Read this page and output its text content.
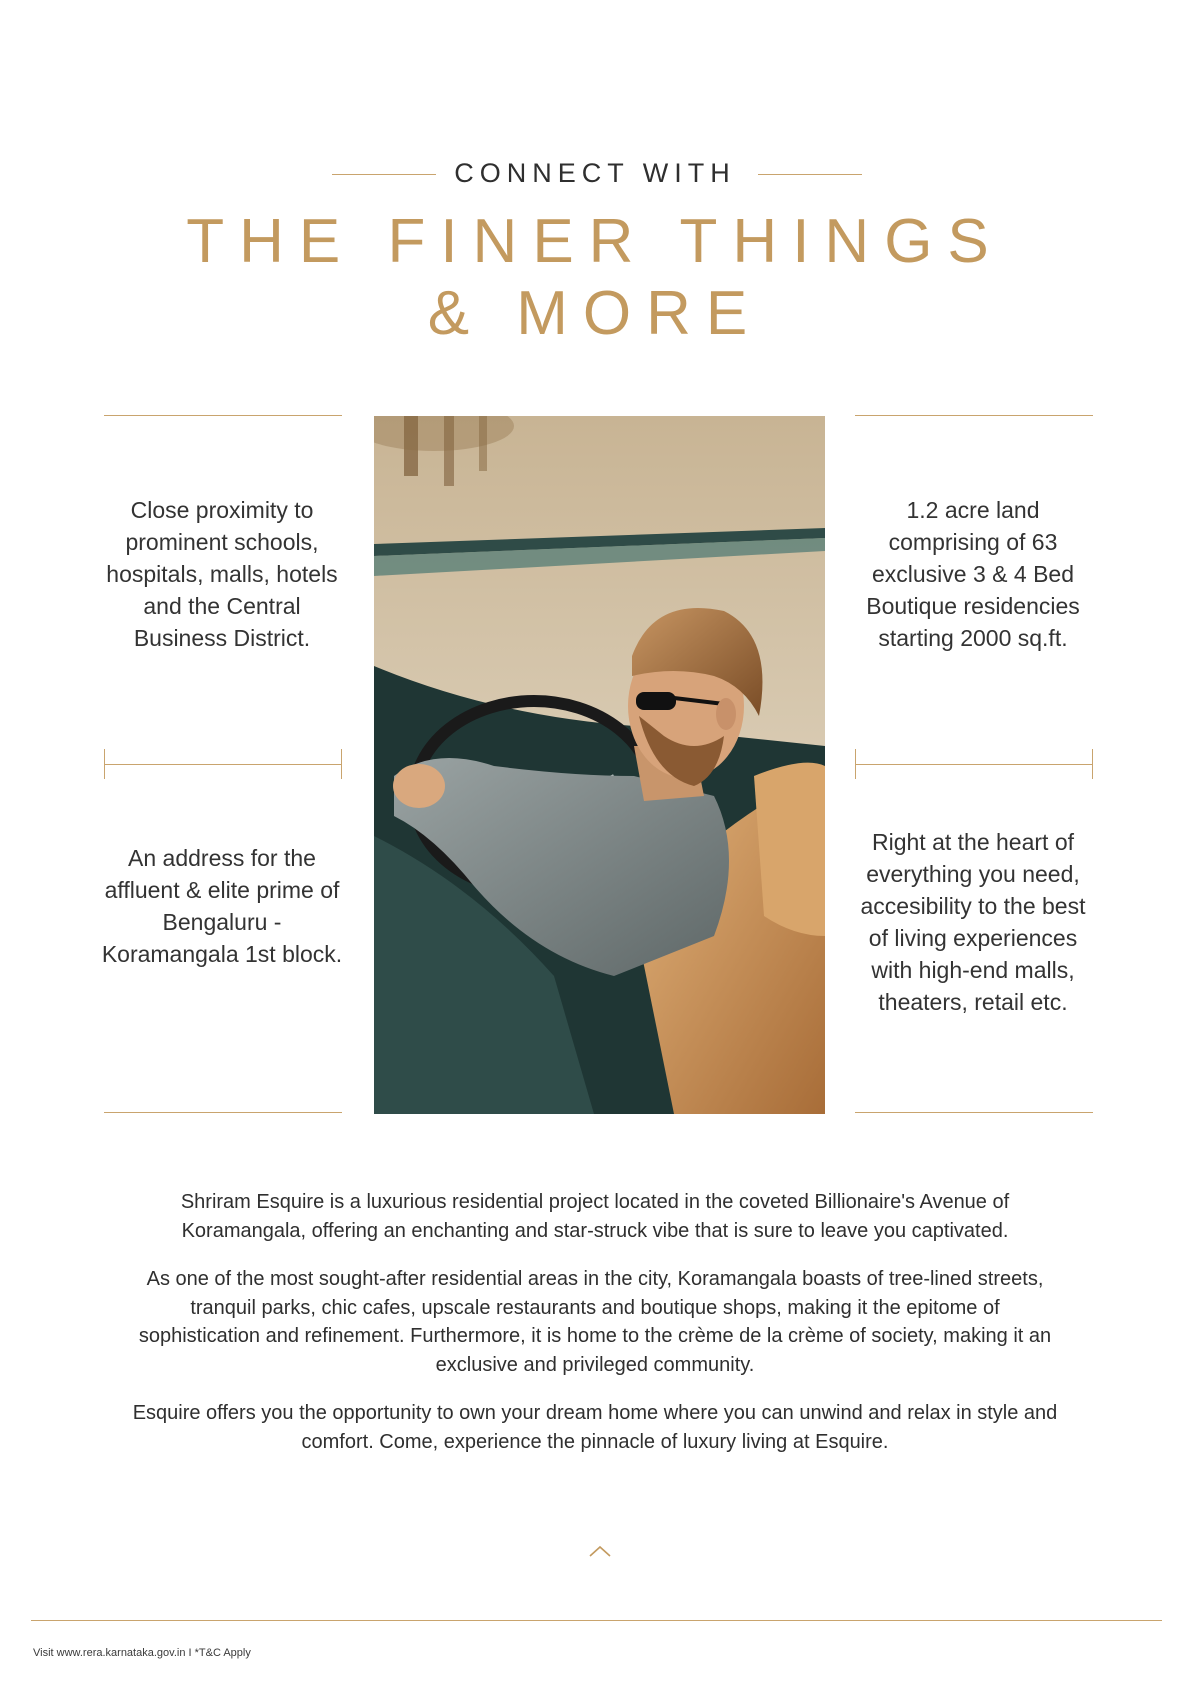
CONNECT WITH
THE FINER THINGS
& MORE
Close proximity to prominent schools, hospitals, malls, hotels and the Central Business District.
1.2 acre land comprising of 63 exclusive 3 & 4 Bed Boutique residencies starting 2000 sq.ft.
An address for the affluent & elite prime of Bengaluru - Koramangala 1st block.
Right at the heart of everything you need, accesibility to the best of living experiences with high-end malls, theaters, retail etc.

Shriram Esquire is a luxurious residential project located in the coveted Billionaire's Avenue of Koramangala, offering an enchanting and star-struck vibe that is sure to leave you captivated.

As one of the most sought-after residential areas in the city, Koramangala boasts of tree-lined streets, tranquil parks, chic cafes, upscale restaurants and boutique shops, making it the epitome of sophistication and refinement. Furthermore, it is home to the crème de la crème of society, making it an exclusive and privileged community.

Esquire offers you the opportunity to own your dream home where you can unwind and relax in style and comfort. Come, experience the pinnacle of luxury living at Esquire.

Visit www.rera.karnataka.gov.in I *T&C Apply
